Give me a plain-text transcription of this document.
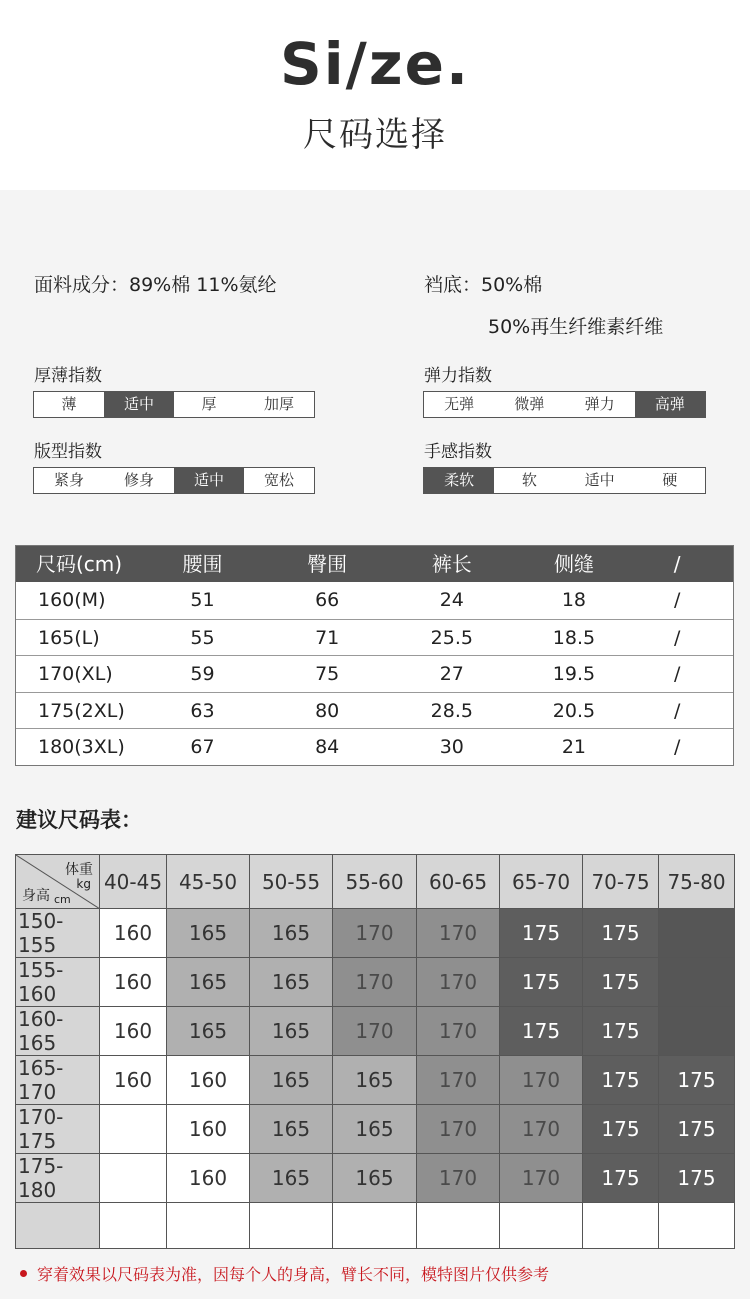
Si/ze.
尺码选择
面料成分：89%棉 11%氨纶	裆底：50%棉
50%再生纤维素纤维
厚薄指数
薄	适中	厚	加厚
弹力指数
无弹	微弹	弹力	高弹
版型指数
紧身	修身	适中	宽松
手感指数
柔软	软	适中	硬
尺码(cm)	腰围	臀围	裤长	侧缝	/
160(M)	51	66	24	18	/
165(L)	55	71	25.5	18.5	/
170(XL)	59	75	27	19.5	/
175(2XL)	63	80	28.5	20.5	/
180(3XL)	67	84	30	21	/
建议尺码表：
体重
kg
身高 cm	40-45	45-50	50-55	55-60	60-65	65-70	70-75	75-80
150-155	160	165	165	170	170	175	175	
155-160	160	165	165	170	170	175	175	
160-165	160	165	165	170	170	175	175	
165-170	160	160	165	165	170	170	175	175
170-175		160	165	165	170	170	175	175
175-180		160	165	165	170	170	175	175

穿着效果以尺码表为准，因每个人的身高，臂长不同，模特图片仅供参考
